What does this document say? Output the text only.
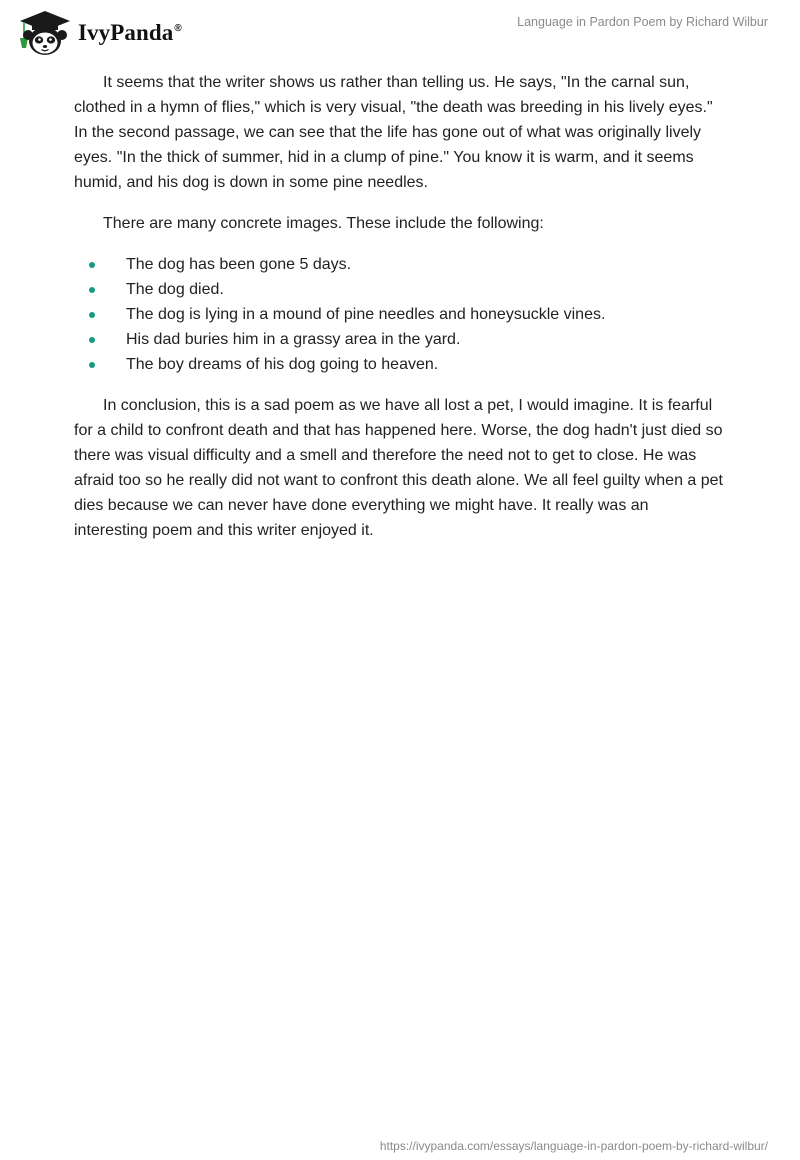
IvyPanda®	Language in Pardon Poem by Richard Wilbur

It seems that the writer shows us rather than telling us. He says, "In the carnal sun, clothed in a hymn of flies," which is very visual, "the death was breeding in his lively eyes." In the second passage, we can see that the life has gone out of what was originally lively eyes. "In the thick of summer, hid in a clump of pine." You know it is warm, and it seems humid, and his dog is down in some pine needles.

There are many concrete images. These include the following:

The dog has been gone 5 days.
The dog died.
The dog is lying in a mound of pine needles and honeysuckle vines.
His dad buries him in a grassy area in the yard.
The boy dreams of his dog going to heaven.

In conclusion, this is a sad poem as we have all lost a pet, I would imagine. It is fearful for a child to confront death and that has happened here. Worse, the dog hadn't just died so there was visual difficulty and a smell and therefore the need not to get to close. He was afraid too so he really did not want to confront this death alone. We all feel guilty when a pet dies because we can never have done everything we might have. It really was an interesting poem and this writer enjoyed it.

https://ivypanda.com/essays/language-in-pardon-poem-by-richard-wilbur/
